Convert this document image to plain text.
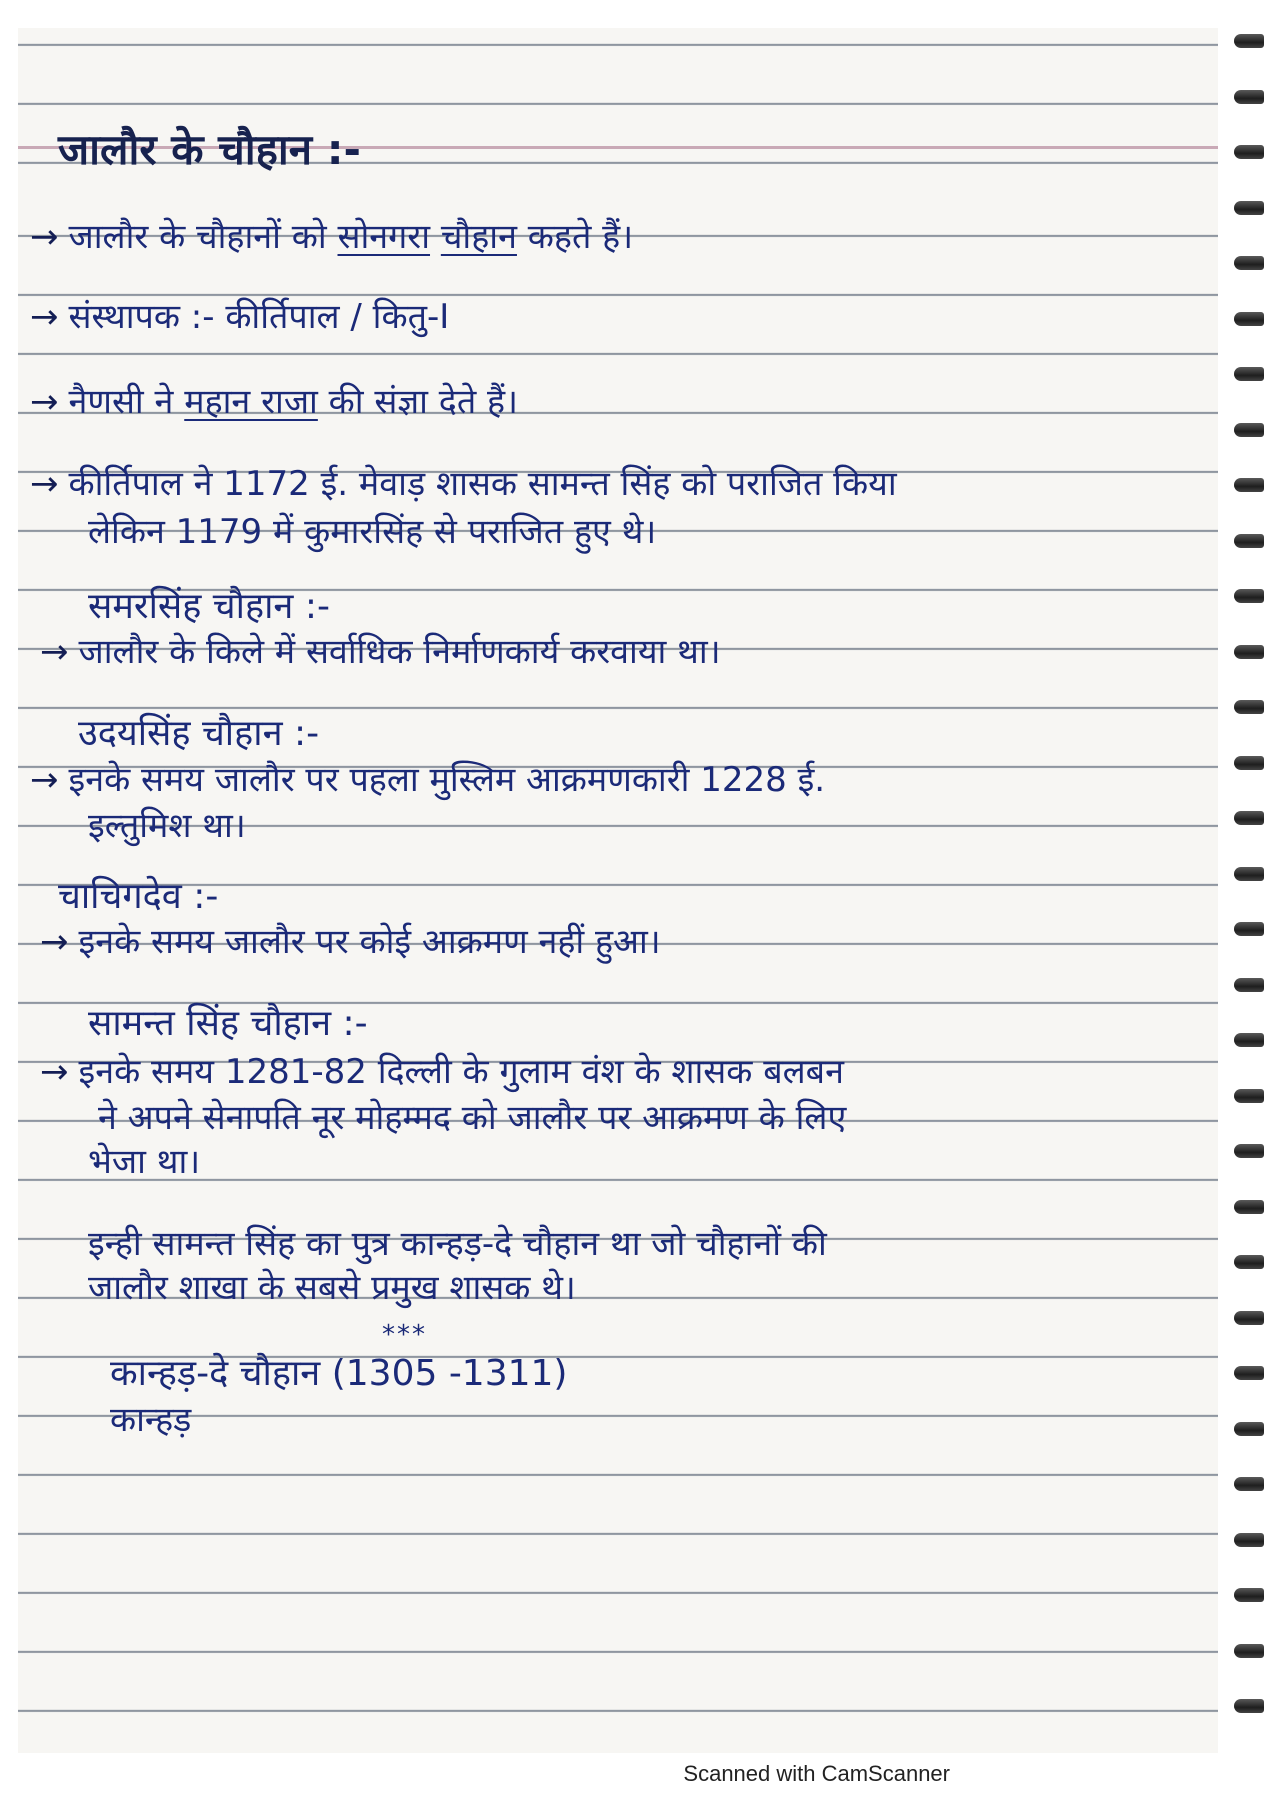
जालौर के चौहान :-
→ जालौर के चौहानों को सोनगरा चौहान कहते हैं।
→ संस्थापक :- कीर्तिपाल / कितु-I
→ नैणसी ने महान राजा की संज्ञा देते हैं।
→ कीर्तिपाल ने 1172 ई. मेवाड़ शासक सामन्त सिंह को पराजित किया
लेकिन 1179 में कुमारसिंह से पराजित हुए थे।
समरसिंह चौहान :-
→ जालौर के किले में सर्वाधिक निर्माणकार्य करवाया था।
उदयसिंह चौहान :-
→ इनके समय जालौर पर पहला मुस्लिम आक्रमणकारी 1228 ई.
इल्तुमिश था।
चाचिगदेव :-
→ इनके समय जालौर पर कोई आक्रमण नहीं हुआ।
सामन्त सिंह चौहान :-
→ इनके समय 1281-82 दिल्ली के गुलाम वंश के शासक बलबन
ने अपने सेनापति नूर मोहम्मद को जालौर पर आक्रमण के लिए
भेजा था।
इन्ही सामन्त सिंह का पुत्र कान्हड़-दे चौहान था जो चौहानों की
जालौर शाखा के सबसे प्रमुख शासक थे।
***
कान्हड़-दे चौहान (1305 -1311)
कान्हड़
Scanned with CamScanner
